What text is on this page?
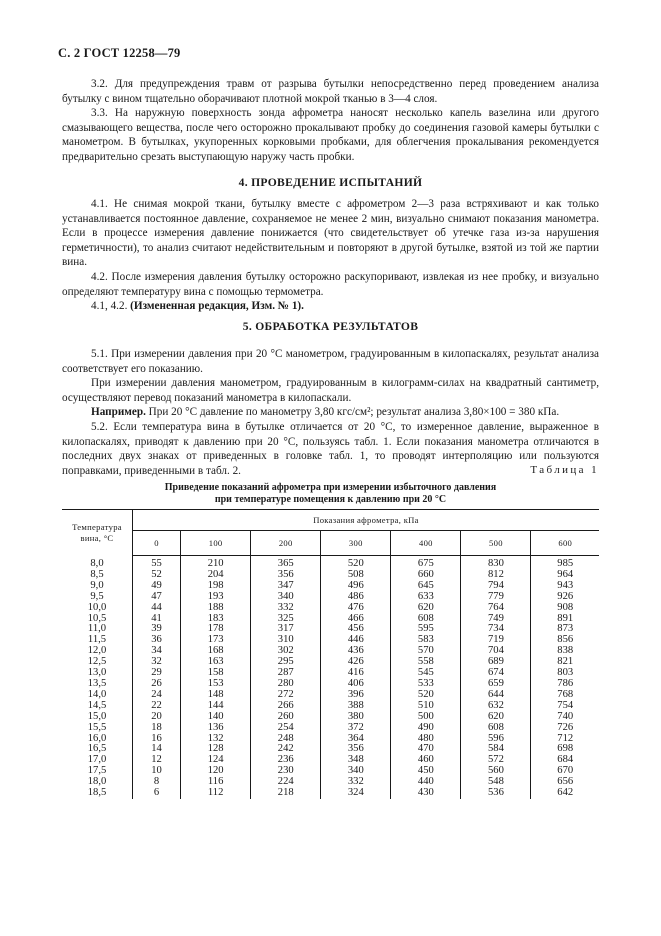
С. 2 ГОСТ 12258—79

3.2. Для предупреждения травм от разрыва бутылки непосредственно перед проведением анализа бутылку с вином тщательно оборачивают плотной мокрой тканью в 3—4 слоя.

3.3. На наружную поверхность зонда афрометра наносят несколько капель вазелина или другого смазывающего вещества, после чего осторожно прокалывают пробку до соединения газовой камеры бутылки с манометром. В бутылках, укупоренных корковыми пробками, для облегчения прокалывания рекомендуется предварительно срезать выступающую наружу часть пробки.

4. ПРОВЕДЕНИЕ ИСПЫТАНИЙ

4.1. Не снимая мокрой ткани, бутылку вместе с афрометром 2—3 раза встряхивают и как только устанавливается постоянное давление, сохраняемое не менее 2 мин, визуально снимают показания манометра. Если в процессе измерения давление понижается (что свидетельствует об утечке газа из-за нарушения герметичности), то анализ считают недействительным и повторяют в другой бутылке, взятой из той же партии вина.

4.2. После измерения давления бутылку осторожно раскупоривают, извлекая из нее пробку, и визуально определяют температуру вина с помощью термометра.

4.1, 4.2. (Измененная редакция, Изм. № 1).

5. ОБРАБОТКА РЕЗУЛЬТАТОВ

5.1. При измерении давления при 20 °С манометром, градуированным в килопаскалях, результат анализа соответствует его показанию.

При измерении давления манометром, градуированным в килограмм-силах на квадратный сантиметр, осуществляют перевод показаний манометра в килопаскали.

Например. При 20 °С давление по манометру 3,80 кгс/см²; результат анализа 3,80×100 = 380 кПа.

5.2. Если температура вина в бутылке отличается от 20 °С, то измеренное давление, выраженное в килопаскалях, приводят к давлению при 20 °С, пользуясь табл. 1. Если показания манометра отличаются в последних двух знаках от приведенных в головке табл. 1, то проводят интерполяцию или пользуются поправками, приведенными в табл. 2.	Таблица 1

Приведение показаний афрометра при измерении избыточного давления

при температуре помещения к давлению при 20 °С

Температура
вина, °С	Показания афрометра, кПа						
	0	100	200	300	400	500	600

8,0	55	210	365	520	675	830	985
8,5	52	204	356	508	660	812	964
9,0	49	198	347	496	645	794	943
9,5	47	193	340	486	633	779	926
10,0	44	188	332	476	620	764	908
10,5	41	183	325	466	608	749	891
11,0	39	178	317	456	595	734	873
11,5	36	173	310	446	583	719	856
12,0	34	168	302	436	570	704	838
12,5	32	163	295	426	558	689	821
13,0	29	158	287	416	545	674	803
13,5	26	153	280	406	533	659	786
14,0	24	148	272	396	520	644	768
14,5	22	144	266	388	510	632	754
15,0	20	140	260	380	500	620	740
15,5	18	136	254	372	490	608	726
16,0	16	132	248	364	480	596	712
16,5	14	128	242	356	470	584	698
17,0	12	124	236	348	460	572	684
17,5	10	120	230	340	450	560	670
18,0	8	116	224	332	440	548	656
18,5	6	112	218	324	430	536	642
